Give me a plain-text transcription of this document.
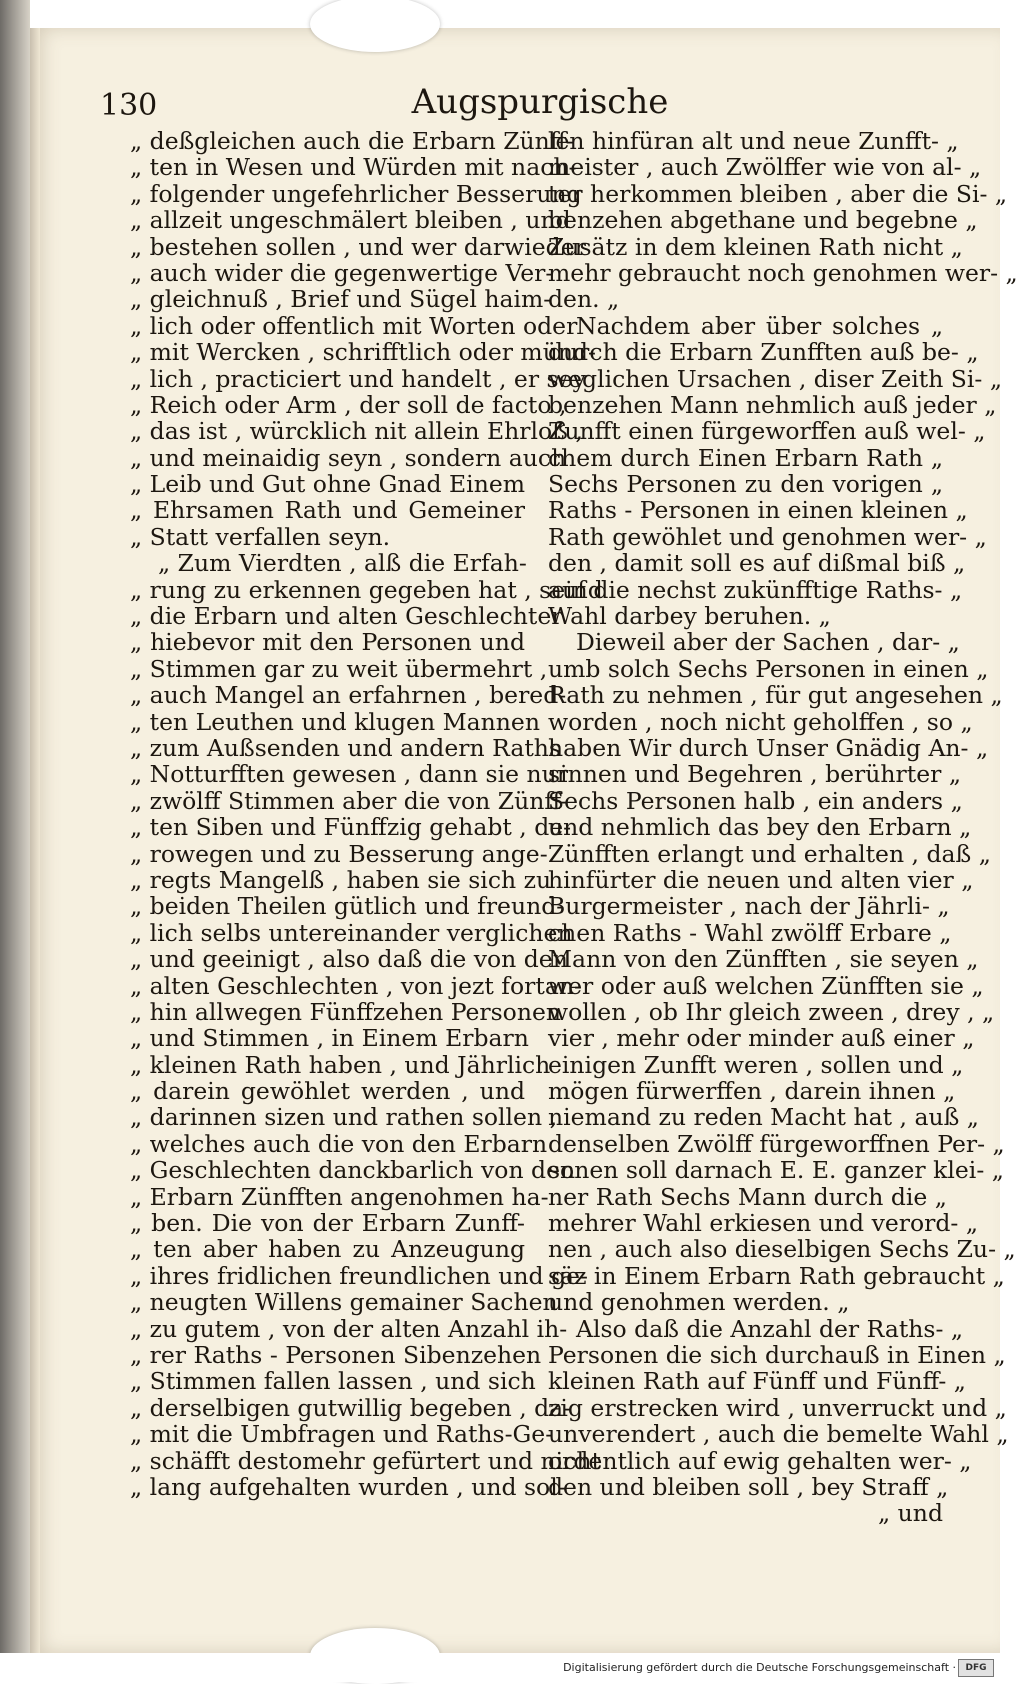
130	Augspurgische
„ deßgleichen auch die Erbarn Zünff-
„ ten in Wesen und Würden mit nach-
„ folgender ungefehrlicher Besserung
„ allzeit ungeschmälert bleiben , und
„ bestehen sollen , und wer darwieder
„ auch wider die gegenwertige Ver-
„ gleichnuß , Brief und Sügel haim-
„ lich oder offentlich mit Worten oder
„ mit Wercken , schrifftlich oder münd-
„ lich , practiciert und handelt , er sey
„ Reich oder Arm , der soll de facto ,
„ das ist , würcklich nit allein Ehrloß ,
„ und meinaidig seyn , sondern auch
„ Leib und Gut ohne Gnad Einem
„ Ehrsamen Rath und Gemeiner
„ Statt verfallen seyn.
„ Zum Vierdten , alß die Erfah-
„ rung zu erkennen gegeben hat , seind
„ die Erbarn und alten Geschlechter
„ hiebevor mit den Personen und
„ Stimmen gar zu weit übermehrt ,
„ auch Mangel an erfahrnen , bered-
„ ten Leuthen und klugen Mannen
„ zum Außsenden und andern Raths
„ Notturfften gewesen , dann sie nur
„ zwölff Stimmen aber die von Zünff-
„ ten Siben und Fünffzig gehabt , de-
„ rowegen und zu Besserung ange-
„ regts Mangelß , haben sie sich zu
„ beiden Theilen gütlich und freund-
„ lich selbs untereinander verglichen
„ und geeinigt , also daß die von den
„ alten Geschlechten , von jezt fortan-
„ hin allwegen Fünffzehen Personen
„ und Stimmen , in Einem Erbarn
„ kleinen Rath haben , und Jährlich
„ darein gewöhlet werden , und
„ darinnen sizen und rathen sollen ,
„ welches auch die von den Erbarn
„ Geschlechten danckbarlich von den
„ Erbarn Zünfften angenohmen ha-
„ ben. Die von der Erbarn Zunff-
„ ten aber haben zu Anzeugung
„ ihres fridlichen freundlichen und ge-
„ neugten Willens gemainer Sachen
„ zu gutem , von der alten Anzahl ih-
„ rer Raths - Personen Sibenzehen
„ Stimmen fallen lassen , und sich
„ derselbigen gutwillig begeben , da-
„ mit die Umbfragen und Raths-Ge-
„ schäfft destomehr gefürtert und nicht
„ lang aufgehalten wurden , und sol-
len hinfüran alt und neue Zunfft- „
meister , auch Zwölffer wie von al- „
ter herkommen bleiben , aber die Si- „
benzehen abgethane und begebne „
Zusätz in dem kleinen Rath nicht „
mehr gebraucht noch genohmen wer- „
den. „
Nachdem aber über solches „
durch die Erbarn Zunfften auß be- „
weglichen Ursachen , diser Zeith Si- „
benzehen Mann nehmlich auß jeder „
Zunfft einen fürgeworffen auß wel- „
chem durch Einen Erbarn Rath „
Sechs Personen zu den vorigen „
Raths - Personen in einen kleinen „
Rath gewöhlet und genohmen wer- „
den , damit soll es auf dißmal biß „
auf die nechst zukünfftige Raths- „
Wahl darbey beruhen. „
Dieweil aber der Sachen , dar- „
umb solch Sechs Personen in einen „
Rath zu nehmen , für gut angesehen „
worden , noch nicht geholffen , so „
haben Wir durch Unser Gnädig An- „
sinnen und Begehren , berührter „
Sechs Personen halb , ein anders „
und nehmlich das bey den Erbarn „
Zünfften erlangt und erhalten , daß „
hinfürter die neuen und alten vier „
Burgermeister , nach der Jährli- „
chen Raths - Wahl zwölff Erbare „
Mann von den Zünfften , sie seyen „
wer oder auß welchen Zünfften sie „
wollen , ob Ihr gleich zween , drey , „
vier , mehr oder minder auß einer „
einigen Zunfft weren , sollen und „
mögen fürwerffen , darein ihnen „
niemand zu reden Macht hat , auß „
denselben Zwölff fürgeworffnen Per- „
sonen soll darnach E. E. ganzer klei- „
ner Rath Sechs Mann durch die „
mehrer Wahl erkiesen und verord- „
nen , auch also dieselbigen Sechs Zu- „
säz in Einem Erbarn Rath gebraucht „
und genohmen werden. „
Also daß die Anzahl der Raths- „
Personen die sich durchauß in Einen „
kleinen Rath auf Fünff und Fünff- „
zig erstrecken wird , unverruckt und „
unverendert , auch die bemelte Wahl „
ordentlich auf ewig gehalten wer- „
den und bleiben soll , bey Straff „
„ und
Digitalisierung gefördert durch die Deutsche Forschungsgemeinschaft ·	DFG
